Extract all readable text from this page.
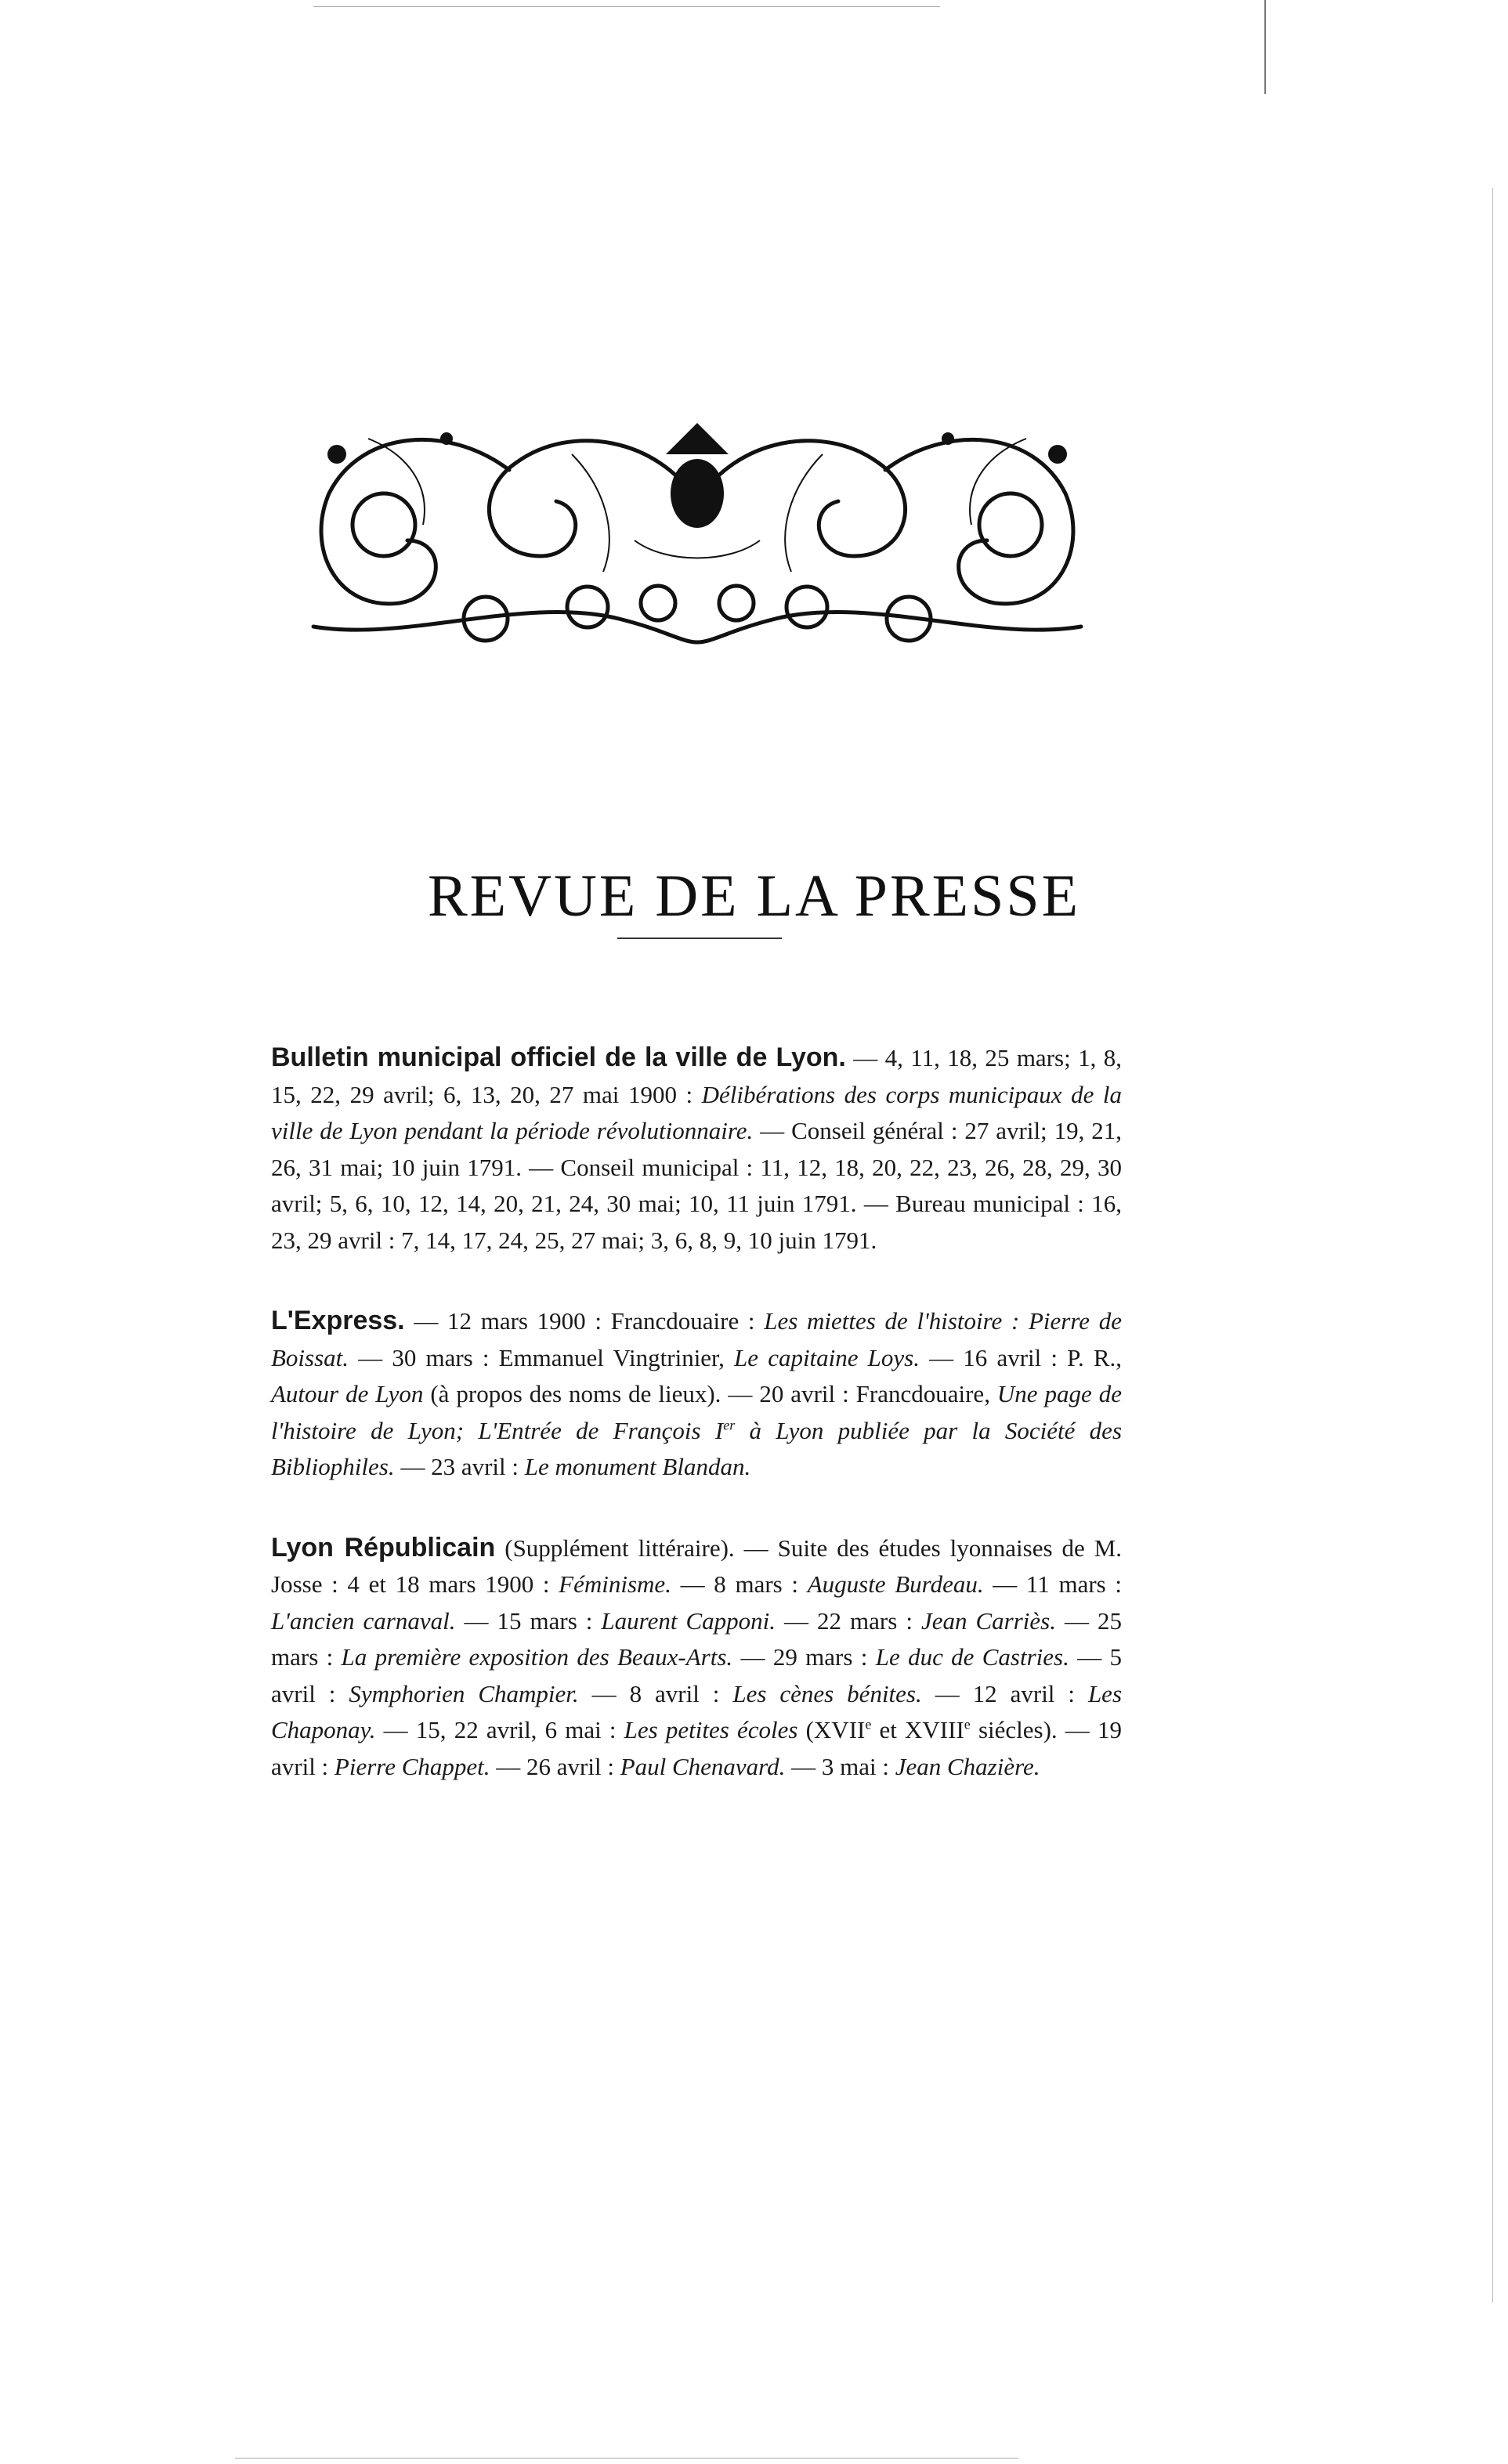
REVUE DE LA PRESSE

Bulletin municipal officiel de la ville de Lyon. — 4, 11, 18, 25 mars; 1, 8, 15, 22, 29 avril; 6, 13, 20, 27 mai 1900 : Délibérations des corps municipaux de la ville de Lyon pendant la période révolutionnaire. — Conseil général : 27 avril; 19, 21, 26, 31 mai; 10 juin 1791. — Conseil municipal : 11, 12, 18, 20, 22, 23, 26, 28, 29, 30 avril; 5, 6, 10, 12, 14, 20, 21, 24, 30 mai; 10, 11 juin 1791. — Bureau municipal : 16, 23, 29 avril : 7, 14, 17, 24, 25, 27 mai; 3, 6, 8, 9, 10 juin 1791.

L'Express. — 12 mars 1900 : Francdouaire : Les miettes de l'histoire : Pierre de Boissat. — 30 mars : Emmanuel Vingtrinier, Le capitaine Loys. — 16 avril : P. R., Autour de Lyon (à propos des noms de lieux). — 20 avril : Francdouaire, Une page de l'histoire de Lyon; L'Entrée de François Ier à Lyon publiée par la Société des Bibliophiles. — 23 avril : Le monument Blandan.

Lyon Républicain (Supplément littéraire). — Suite des études lyonnaises de M. Josse : 4 et 18 mars 1900 : Féminisme. — 8 mars : Auguste Burdeau. — 11 mars : L'ancien carnaval. — 15 mars : Laurent Capponi. — 22 mars : Jean Carriès. — 25 mars : La première exposition des Beaux-Arts. — 29 mars : Le duc de Castries. — 5 avril : Symphorien Champier. — 8 avril : Les cènes bénites. — 12 avril : Les Chaponay. — 15, 22 avril, 6 mai : Les petites écoles (XVIIe et XVIIIe siécles). — 19 avril : Pierre Chappet. — 26 avril : Paul Chenavard. — 3 mai : Jean Chazière.
